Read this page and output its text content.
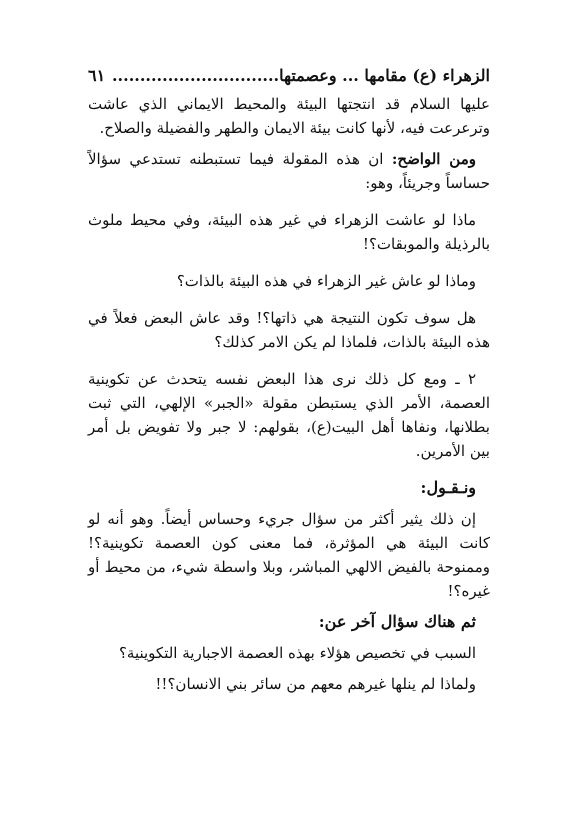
الزهراء (ع) مقامها ... وعصمتها..............................
٦١

عليها السلام قد انتجتها البيئة والمحيط الايماني الذي عاشت وترعرعت فيه، لأنها كانت بيئة الايمان والطهر والفضيلة والصلاح.

ومن الواضح: ان هذه المقولة فيما تستبطنه تستدعي سؤالاً حساساً وجريئاً، وهو:

ماذا لو عاشت الزهراء في غير هذه البيئة، وفي محيط ملوث بالرذيلة والموبقات؟!

وماذا لو عاش غير الزهراء في هذه البيئة بالذات؟

هل سوف تكون النتيجة هي ذاتها؟! وقد عاش البعض فعلاً في هذه البيئة بالذات، فلماذا لم يكن الامر كذلك؟

٢ ـ ومع كل ذلك نرى هذا البعض نفسه يتحدث عن تكوينية العصمة، الأمر الذي يستبطن مقولة «الجبر» الإلهي، التي ثبت بطلانها، ونفاها أهل البيت(ع)، بقولهم: لا جبر ولا تفويض بل أمر بين الأمرين.

ونـقـول:

إن ذلك يثير أكثر من سؤال جريء وحساس أيضاً. وهو أنه لو كانت البيئة هي المؤثرة، فما معنى كون العصمة تكوينية؟! وممنوحة بالفيض الالهي المباشر، وبلا واسطة شيء، من محيط أو غيره؟!

ثم هناك سؤال آخر عن:

السبب في تخصيص هؤلاء بهذه العصمة الاجبارية التكوينية؟

ولماذا لم ينلها غيرهم معهم من سائر بني الانسان؟!!
